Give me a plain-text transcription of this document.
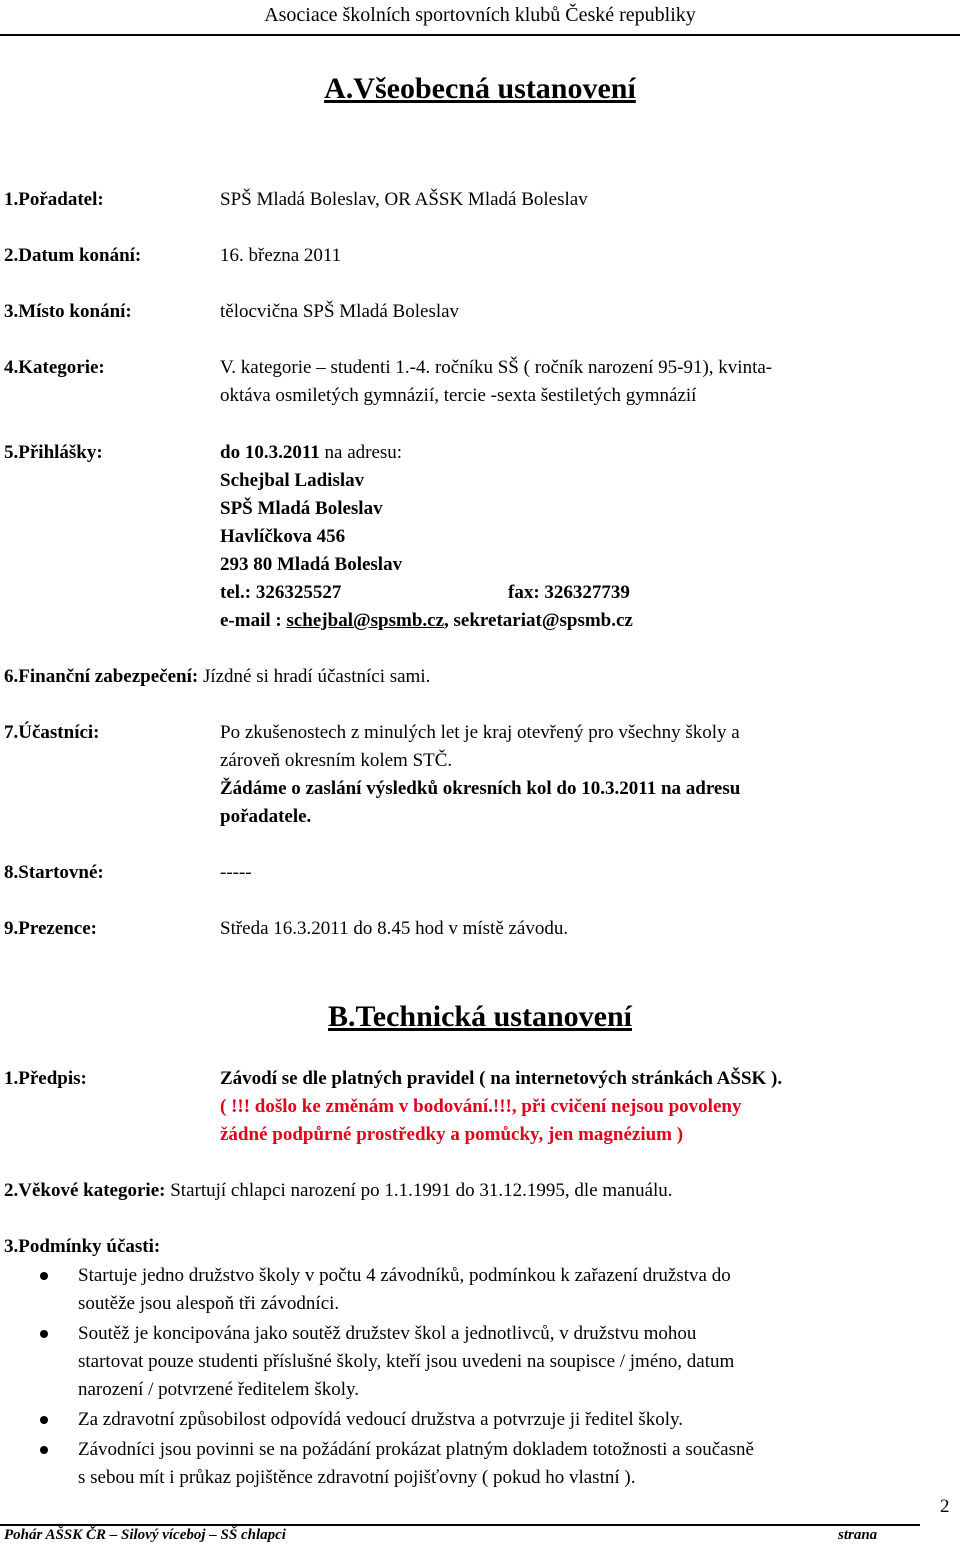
Asociace školních sportovních klubů České republiky
A.Všeobecná ustanovení
1.Pořadatel:	SPŠ Mladá Boleslav, OR AŠSK Mladá Boleslav
2.Datum konání:	16. března 2011
3.Místo konání:	tělocvična SPŠ Mladá Boleslav
4.Kategorie:	V. kategorie – studenti 1.-4. ročníku SŠ ( ročník narození 95-91), kvinta-
oktáva osmiletých gymnázií, tercie -sexta šestiletých gymnázií
5.Přihlášky:	do 10.3.2011 na adresu:
Schejbal Ladislav
SPŠ Mladá Boleslav
Havlíčkova 456
293 80 Mladá Boleslav
tel.: 326325527	fax: 326327739
e-mail : schejbal@spsmb.cz, sekretariat@spsmb.cz
6.Finanční zabezpečení: Jízdné si hradí účastníci sami.
7.Účastníci:	Po zkušenostech z minulých let je kraj otevřený pro všechny školy a
zároveň okresním kolem STČ.
Žádáme o zaslání výsledků okresních kol do 10.3.2011 na adresu
pořadatele.
8.Startovné:	-----
9.Prezence:	Středa 16.3.2011 do 8.45 hod v místě závodu.
B.Technická ustanovení
1.Předpis:	Závodí se dle platných pravidel ( na internetových stránkách AŠSK ).
( !!! došlo ke změnám v bodování.!!!, při cvičení nejsou povoleny
žádné podpůrné prostředky a pomůcky, jen magnézium )
2.Věkové kategorie: Startují chlapci narození po 1.1.1991 do 31.12.1995, dle manuálu.
3.Podmínky účasti:
Startuje jedno družstvo školy v počtu 4 závodníků, podmínkou k zařazení družstva do
soutěže jsou alespoň tři závodníci.
Soutěž je koncipována jako soutěž družstev škol a jednotlivců, v družstvu mohou
startovat pouze studenti příslušné školy, kteří jsou uvedeni na soupisce / jméno, datum
narození / potvrzené ředitelem školy.
Za zdravotní způsobilost odpovídá vedoucí družstva a potvrzuje ji ředitel školy.
Závodníci jsou povinni se na požádání prokázat platným dokladem totožnosti a současně
s sebou mít i průkaz pojištěnce zdravotní pojišťovny ( pokud ho vlastní ).
2
Pohár AŠSK ČR – Silový víceboj – SŠ chlapci	strana
